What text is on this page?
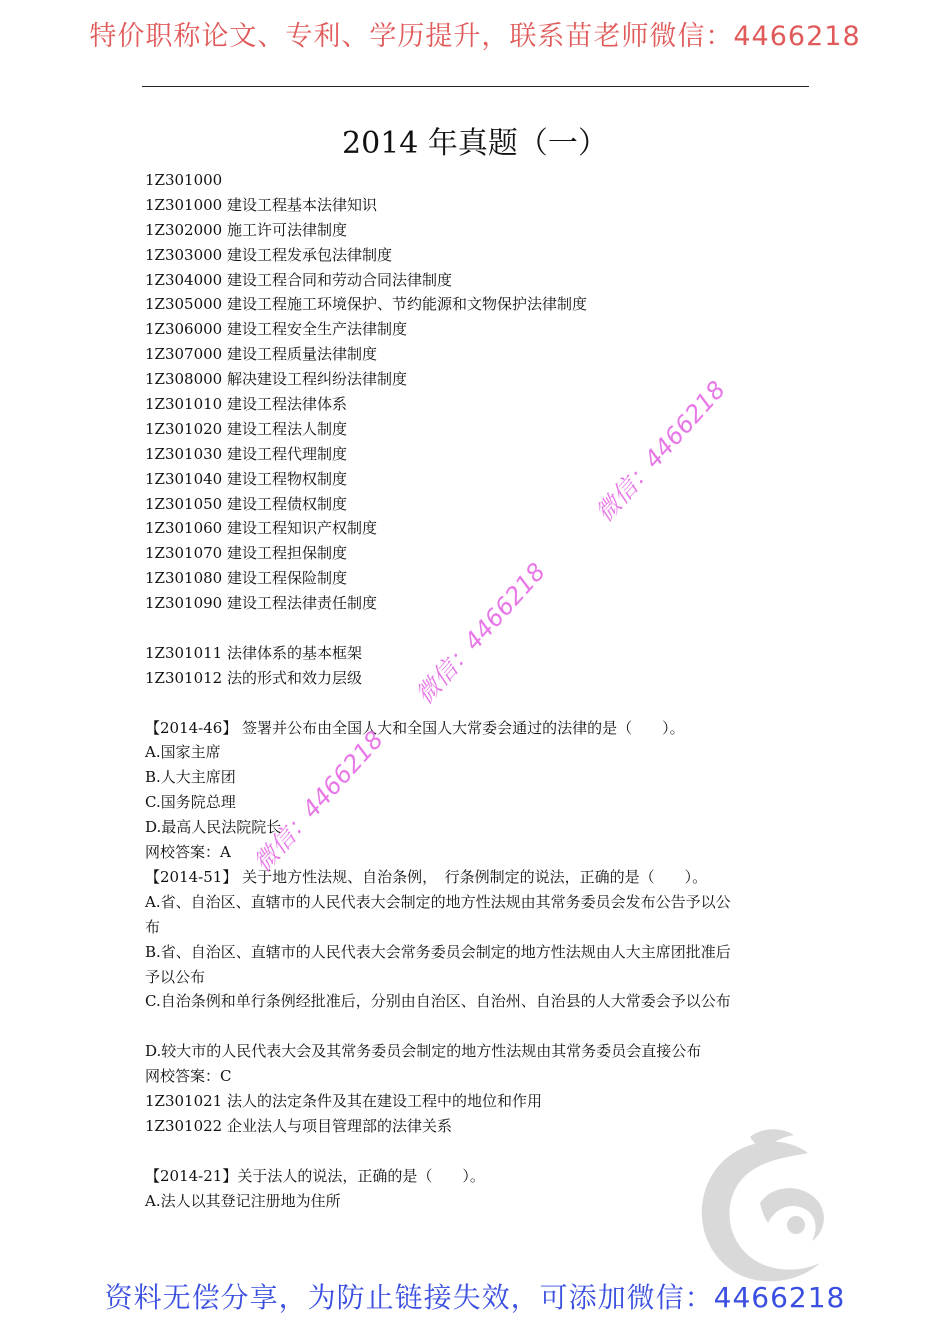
特价职称论文、专利、学历提升，联系苗老师微信：4466218
2014 年真题（一）
1Z301000
1Z301000 建设工程基本法律知识
1Z302000 施工许可法律制度
1Z303000 建设工程发承包法律制度
1Z304000 建设工程合同和劳动合同法律制度
1Z305000 建设工程施工环境保护、节约能源和文物保护法律制度
1Z306000 建设工程安全生产法律制度
1Z307000 建设工程质量法律制度
1Z308000 解决建设工程纠纷法律制度
1Z301010 建设工程法律体系
1Z301020 建设工程法人制度
1Z301030 建设工程代理制度
1Z301040 建设工程物权制度
1Z301050 建设工程债权制度
1Z301060 建设工程知识产权制度
1Z301070 建设工程担保制度
1Z301080 建设工程保险制度
1Z301090 建设工程法律责任制度
1Z301011 法律体系的基本框架
1Z301012 法的形式和效力层级
【2014-46】 签署并公布由全国人大和全国人大常委会通过的法律的是（　　）。
A.国家主席
B.人大主席团
C.国务院总理
D.最高人民法院院长
网校答案：A
【2014-51】 关于地方性法规、自治条例，　行条例制定的说法，正确的是（　　）。
A.省、自治区、直辖市的人民代表大会制定的地方性法规由其常务委员会发布公告予以公
布
B.省、自治区、直辖市的人民代表大会常务委员会制定的地方性法规由人大主席团批准后
予以公布
C.自治条例和单行条例经批准后，分别由自治区、自治州、自治县的人大常委会予以公布
D.较大市的人民代表大会及其常务委员会制定的地方性法规由其常务委员会直接公布
网校答案：C
1Z301021 法人的法定条件及其在建设工程中的地位和作用
1Z301022 企业法人与项目管理部的法律关系
【2014-21】关于法人的说法，正确的是（　　）。
A.法人以其登记注册地为住所
微信：4466218
微信：4466218
微信：4466218
资料无偿分享，为防止链接失效，可添加微信：4466218
